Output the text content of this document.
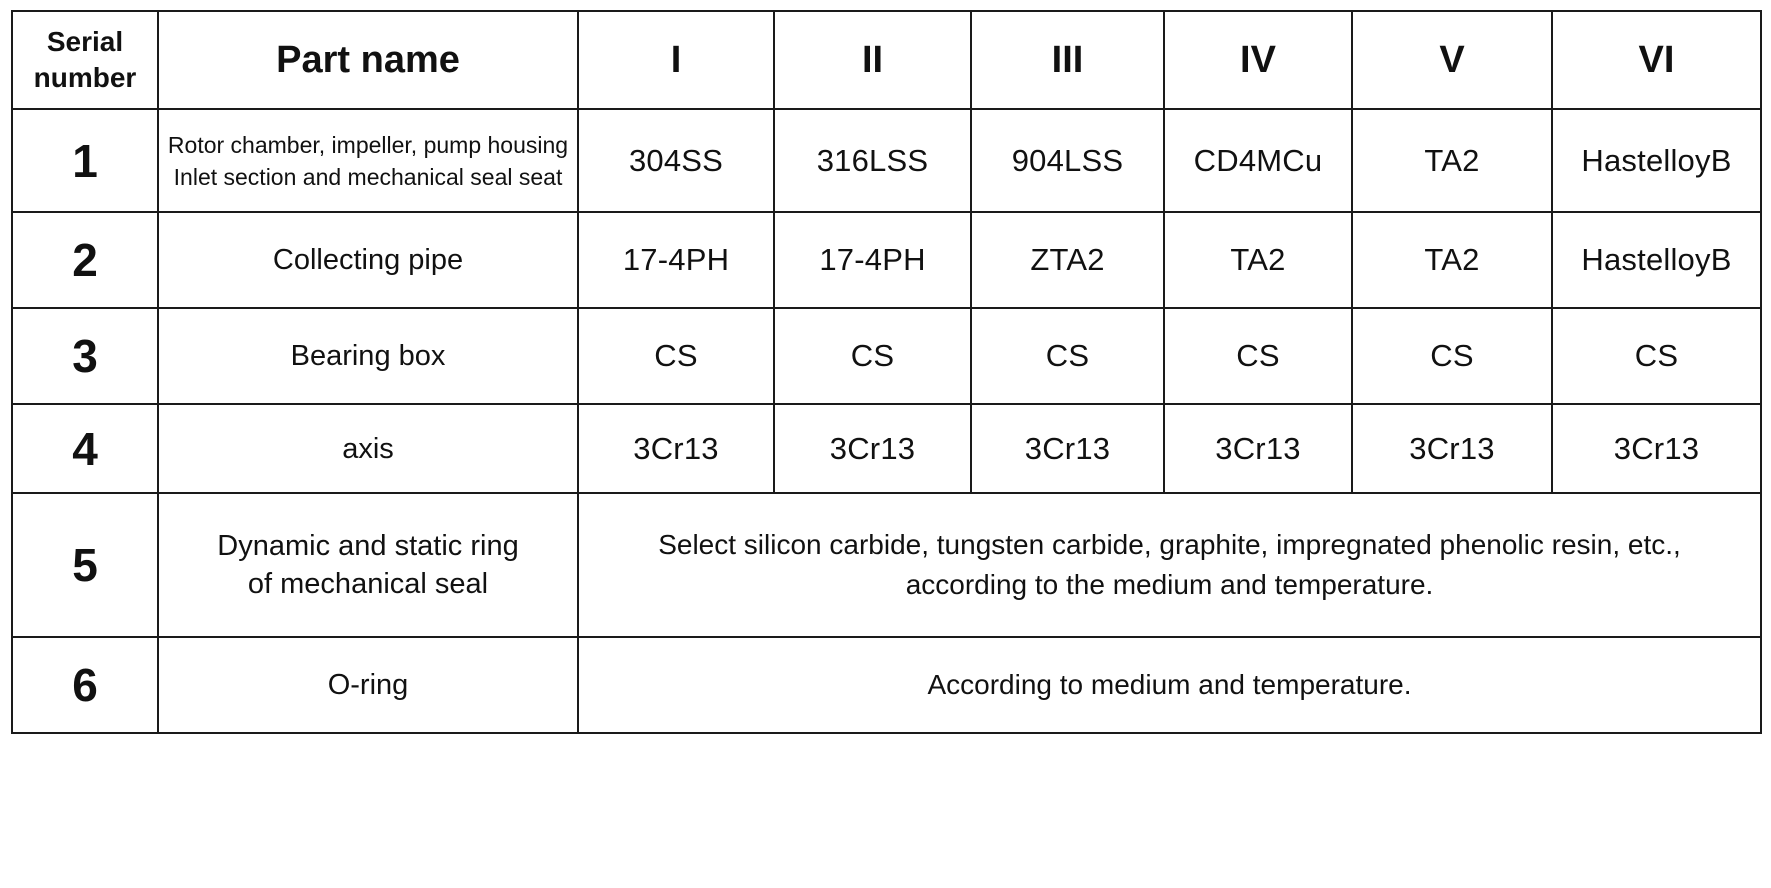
Serial
number	Part name	I	II	III	IV	V	VI
1	Rotor chamber, impeller, pump housing
Inlet section and mechanical seal seat	304SS	316LSS	904LSS	CD4MCu	TA2	HastelloyB
2	Collecting pipe	17-4PH	17-4PH	ZTA2	TA2	TA2	HastelloyB
3	Bearing box	CS	CS	CS	CS	CS	CS
4	axis	3Cr13	3Cr13	3Cr13	3Cr13	3Cr13	3Cr13
5	Dynamic and static ring
of mechanical seal	Select silicon carbide, tungsten carbide, graphite, impregnated phenolic resin, etc.,
according to the medium and temperature.					

6	O-ring	According to medium and temperature.					
